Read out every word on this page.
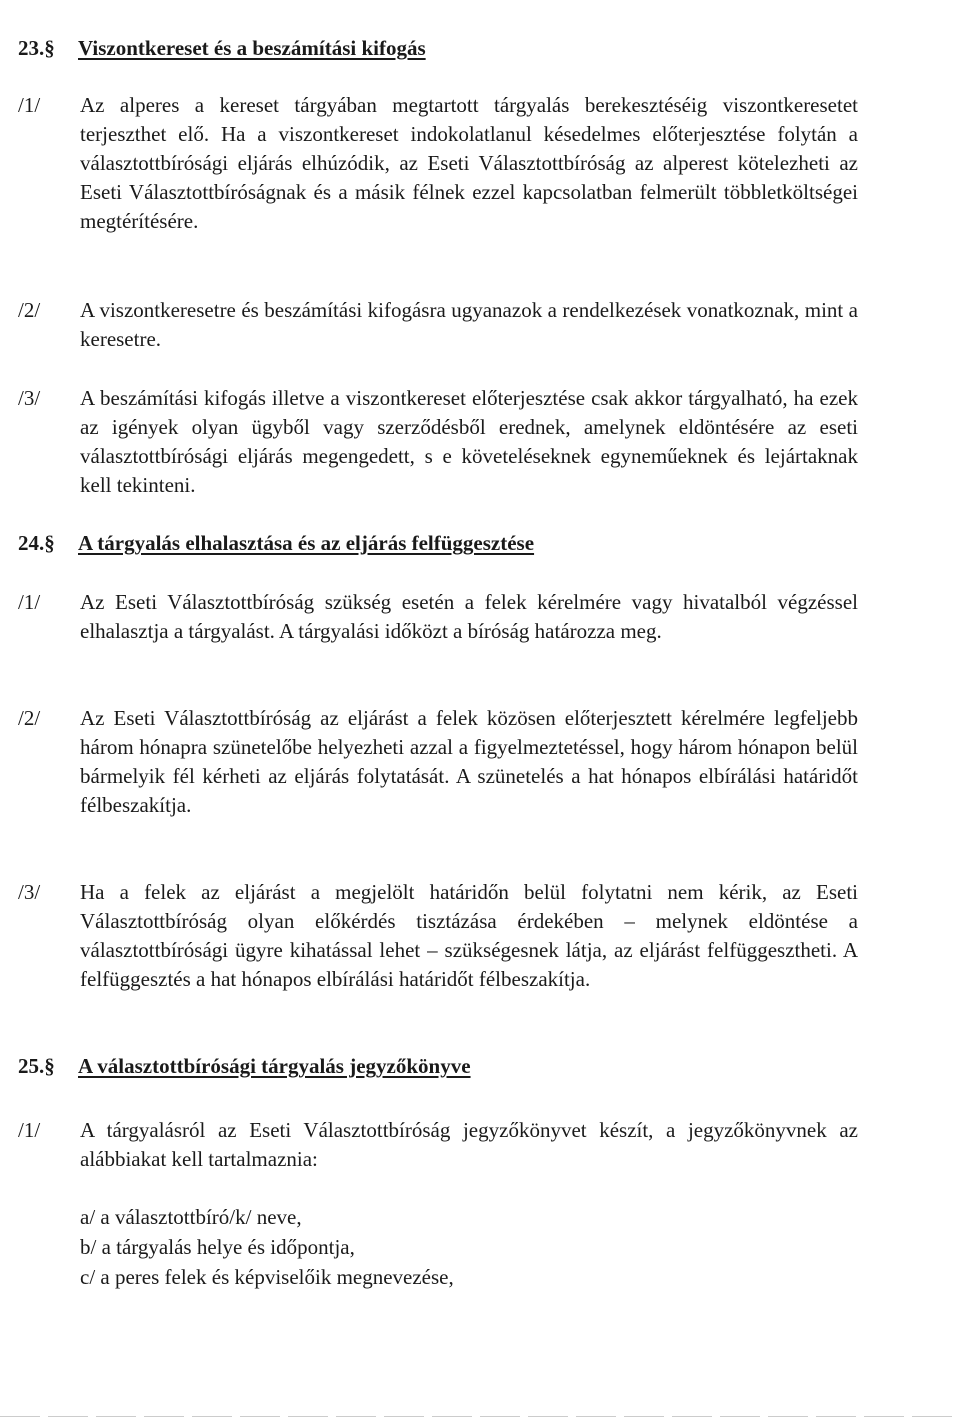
23.§	Viszontkereset és a beszámítási kifogás
/1/	Az alperes a kereset tárgyában megtartott tárgyalás berekesztéséig viszontkeresetet terjeszthet elő. Ha a viszontkereset indokolatlanul késedelmes előterjesztése folytán a választottbírósági eljárás elhúzódik, az Eseti Választottbíróság az alperest kötelezheti az Eseti Választottbíróságnak és a másik félnek ezzel kapcsolatban felmerült többletköltségei megtérítésére.
/2/	A viszontkeresetre és beszámítási kifogásra ugyanazok a rendelkezések vonatkoznak, mint a keresetre.
/3/	A beszámítási kifogás illetve a viszontkereset előterjesztése csak akkor tárgyalható, ha ezek az igények olyan ügyből vagy szerződésből erednek, amelynek eldöntésére az eseti választottbírósági eljárás megengedett, s e követeléseknek egyneműeknek és lejártaknak kell tekinteni.
24.§	A tárgyalás elhalasztása és az eljárás felfüggesztése
/1/	Az Eseti Választottbíróság szükség esetén a felek kérelmére vagy hivatalból végzéssel elhalasztja a tárgyalást. A tárgyalási időközt a bíróság határozza meg.
/2/	Az Eseti Választottbíróság az eljárást a felek közösen előterjesztett kérelmére legfeljebb három hónapra szünetelőbe helyezheti azzal a figyelmeztetéssel, hogy három hónapon belül bármelyik fél kérheti az eljárás folytatását. A szünetelés a hat hónapos elbírálási határidőt félbeszakítja.
/3/	Ha a felek az eljárást a megjelölt határidőn belül folytatni nem kérik, az Eseti Választottbíróság olyan előkérdés tisztázása érdekében – melynek eldöntése a választottbírósági ügyre kihatással lehet – szükségesnek látja, az eljárást felfüggesztheti. A felfüggesztés a hat hónapos elbírálási határidőt félbeszakítja.
25.§	A választottbírósági tárgyalás jegyzőkönyve
/1/	A tárgyalásról az Eseti Választottbíróság jegyzőkönyvet készít, a jegyzőkönyvnek az alábbiakat kell tartalmaznia:
a/ a választottbíró/k/ neve,
b/ a tárgyalás helye és időpontja,
c/ a peres felek és képviselőik megnevezése,
